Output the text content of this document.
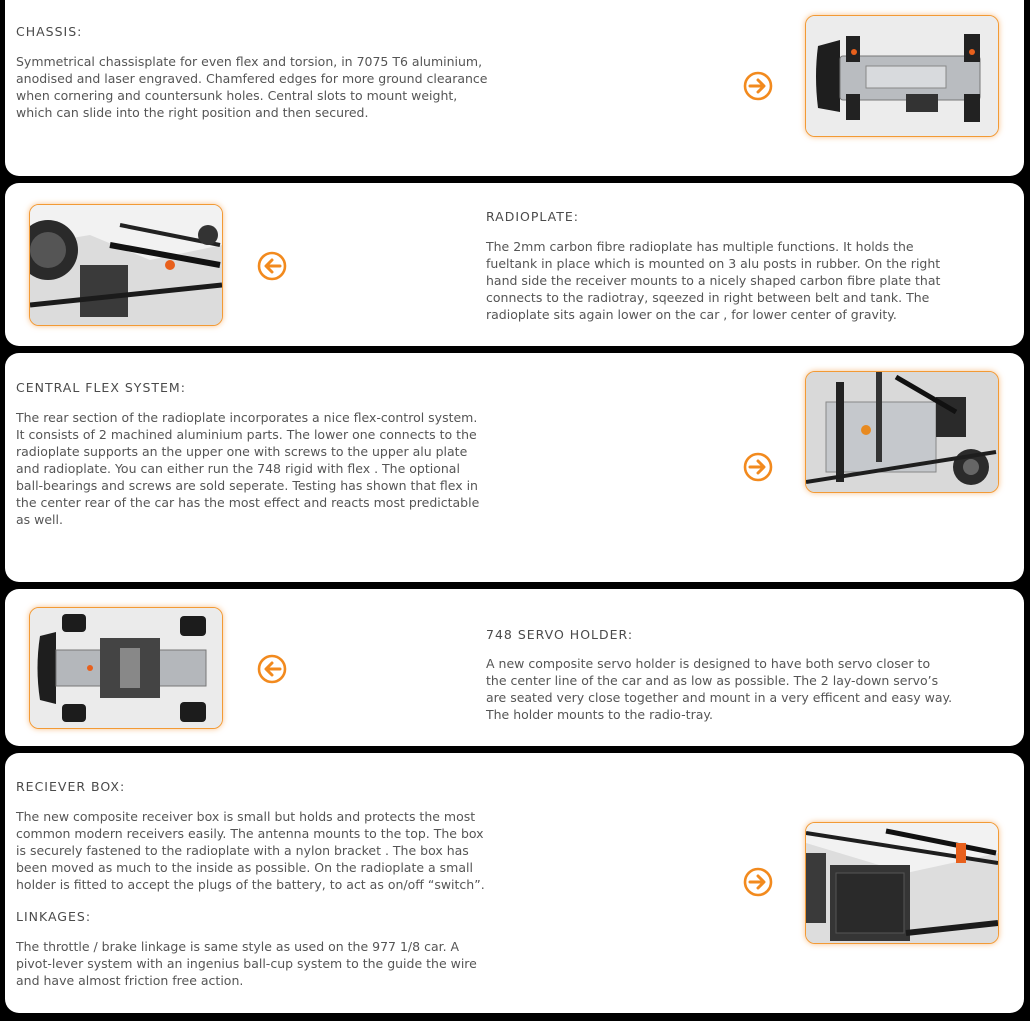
CHASSIS:

Symmetrical chassisplate for even flex and torsion, in 7075 T6 aluminium,
anodised and laser engraved. Chamfered edges for more ground clearance
when cornering and countersunk holes. Central slots to mount weight,
which can slide into the right position and then secured.

RADIOPLATE:

The 2mm carbon fibre radioplate has multiple functions. It holds the
fueltank in place which is mounted on 3 alu posts in rubber. On the right
hand side the receiver mounts to a nicely shaped carbon fibre plate that
connects to the radiotray, sqeezed in right between belt and tank. The
radioplate sits again lower on the car , for lower center of gravity.

CENTRAL FLEX SYSTEM:

The rear section of the radioplate incorporates a nice flex-control system.
It consists of 2 machined aluminium parts. The lower one connects to the
radioplate supports an the upper one with screws to the upper alu plate
and radioplate. You can either run the 748 rigid with flex . The optional
ball-bearings and screws are sold seperate. Testing has shown that flex in
the center rear of the car has the most effect and reacts most predictable
as well.

748 SERVO HOLDER:

A new composite servo holder is designed to have both servo closer to
the center line of the car and as low as possible. The 2 lay-down servo’s
are seated very close together and mount in a very efficent and easy way.
The holder mounts to the radio-tray.

RECIEVER BOX:

The new composite receiver box is small but holds and protects the most
common modern receivers easily. The antenna mounts to the top. The box
is securely fastened to the radioplate with a nylon bracket . The box has
been moved as much to the inside as possible. On the radioplate a small
holder is fitted to accept the plugs of the battery, to act as on/off “switch”.

LINKAGES:

The throttle / brake linkage is same style as used on the 977 1/8 car. A
pivot-lever system with an ingenius ball-cup system to the guide the wire
and have almost friction free action.
